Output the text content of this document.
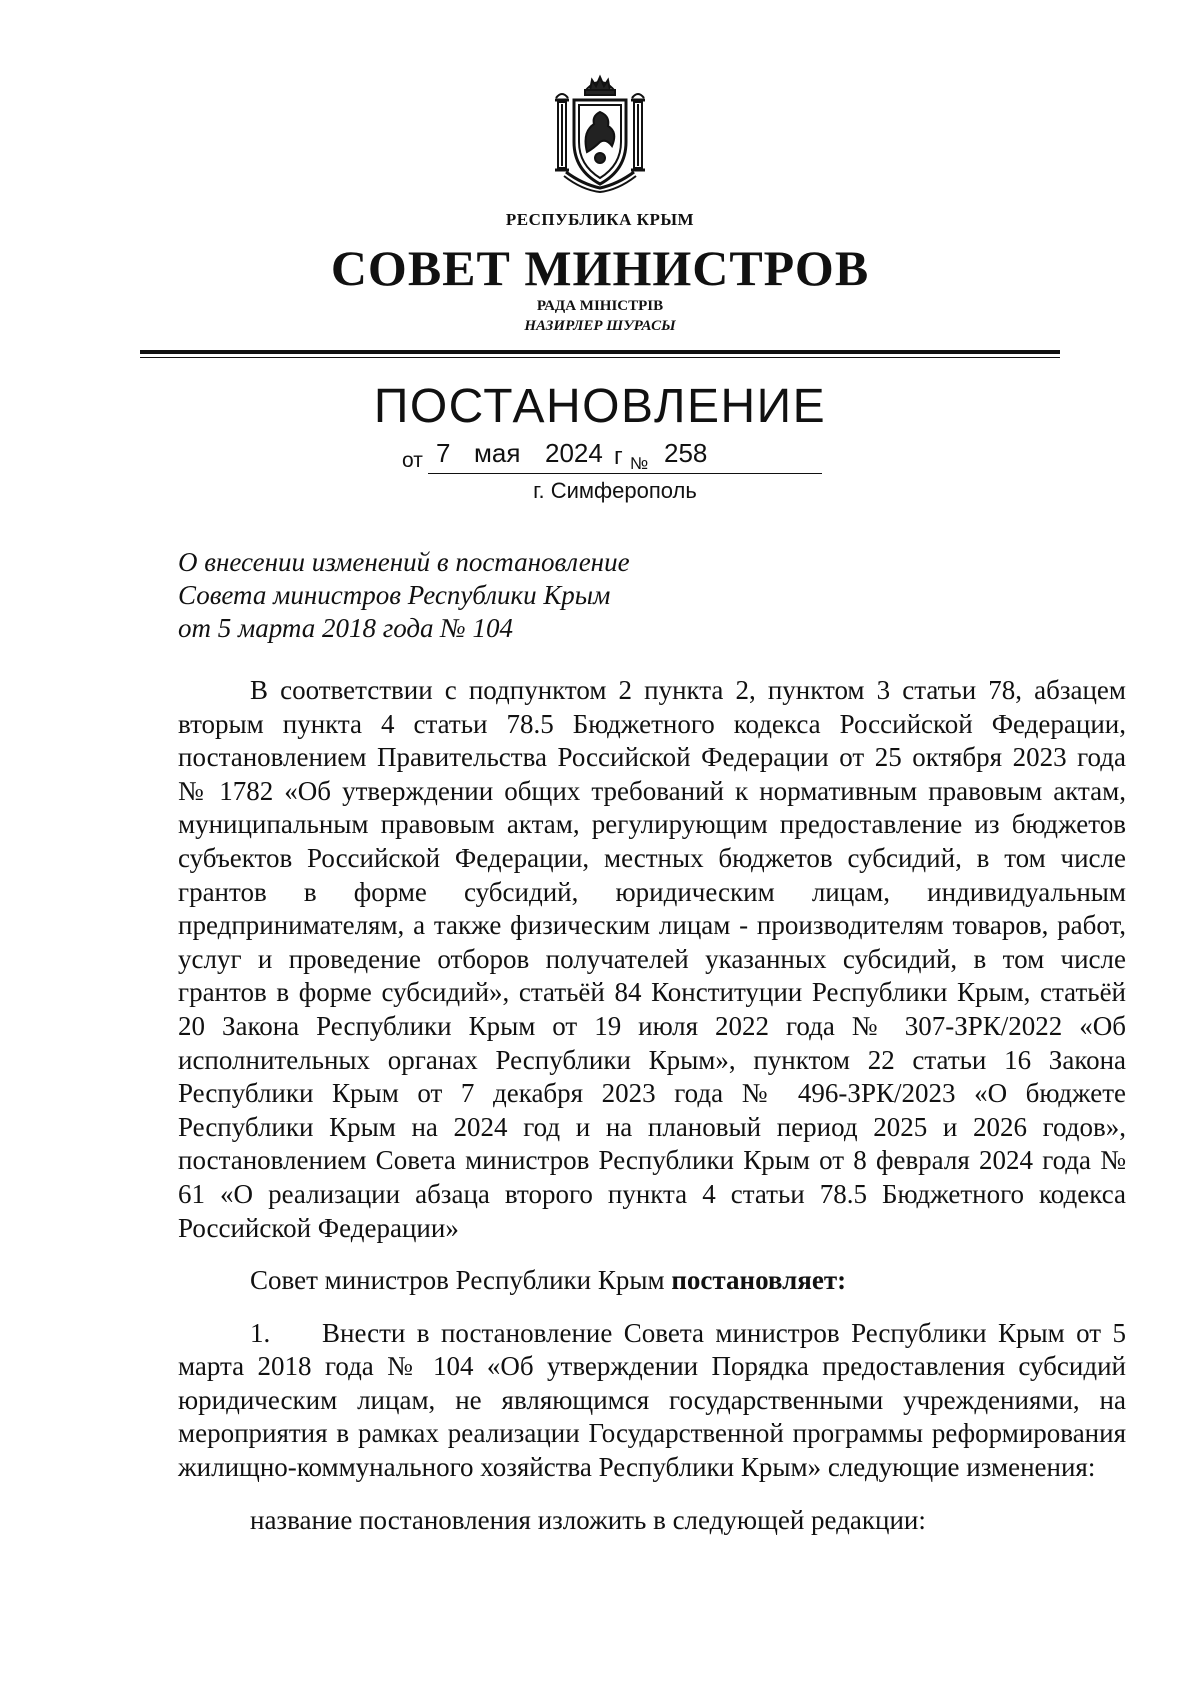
РЕСПУБЛИКА КРЫМ
СОВЕТ МИНИСТРОВ
РАДА МІНІСТРІВ
НАЗИРЛЕР ШУРАСЫ
ПОСТАНОВЛЕНИЕ
от 7 мая 2024 г № 258
г. Симферополь
О внесении изменений в постановление
Совета министров Республики Крым
от 5 марта 2018 года № 104

В соответствии с подпунктом 2 пункта 2, пунктом 3 статьи 78, абзацем вторым пункта 4 статьи 78.5 Бюджетного кодекса Российской Федерации, постановлением Правительства Российской Федерации от 25 октября 2023 года № 1782 «Об утверждении общих требований к нормативным правовым актам, муниципальным правовым актам, регулирующим предоставление из бюджетов субъектов Российской Федерации, местных бюджетов субсидий, в том числе грантов в форме субсидий, юридическим лицам, индивидуальным предпринимателям, а также физическим лицам - производителям товаров, работ, услуг и проведение отборов получателей указанных субсидий, в том числе грантов в форме субсидий», статьёй 84 Конституции Республики Крым, статьёй 20 Закона Республики Крым от 19 июля 2022 года № 307-ЗРК/2022 «Об исполнительных органах Республики Крым», пунктом 22 статьи 16 Закона Республики Крым от 7 декабря 2023 года № 496-ЗРК/2023 «О бюджете Республики Крым на 2024 год и на плановый период 2025 и 2026 годов», постановлением Совета министров Республики Крым от 8 февраля 2024 года № 61 «О реализации абзаца второго пункта 4 статьи 78.5 Бюджетного кодекса Российской Федерации»

Совет министров Республики Крым постановляет:

1. Внести в постановление Совета министров Республики Крым от 5 марта 2018 года № 104 «Об утверждении Порядка предоставления субсидий юридическим лицам, не являющимся государственными учреждениями, на мероприятия в рамках реализации Государственной программы реформирования жилищно-коммунального хозяйства Республики Крым» следующие изменения:

название постановления изложить в следующей редакции:
